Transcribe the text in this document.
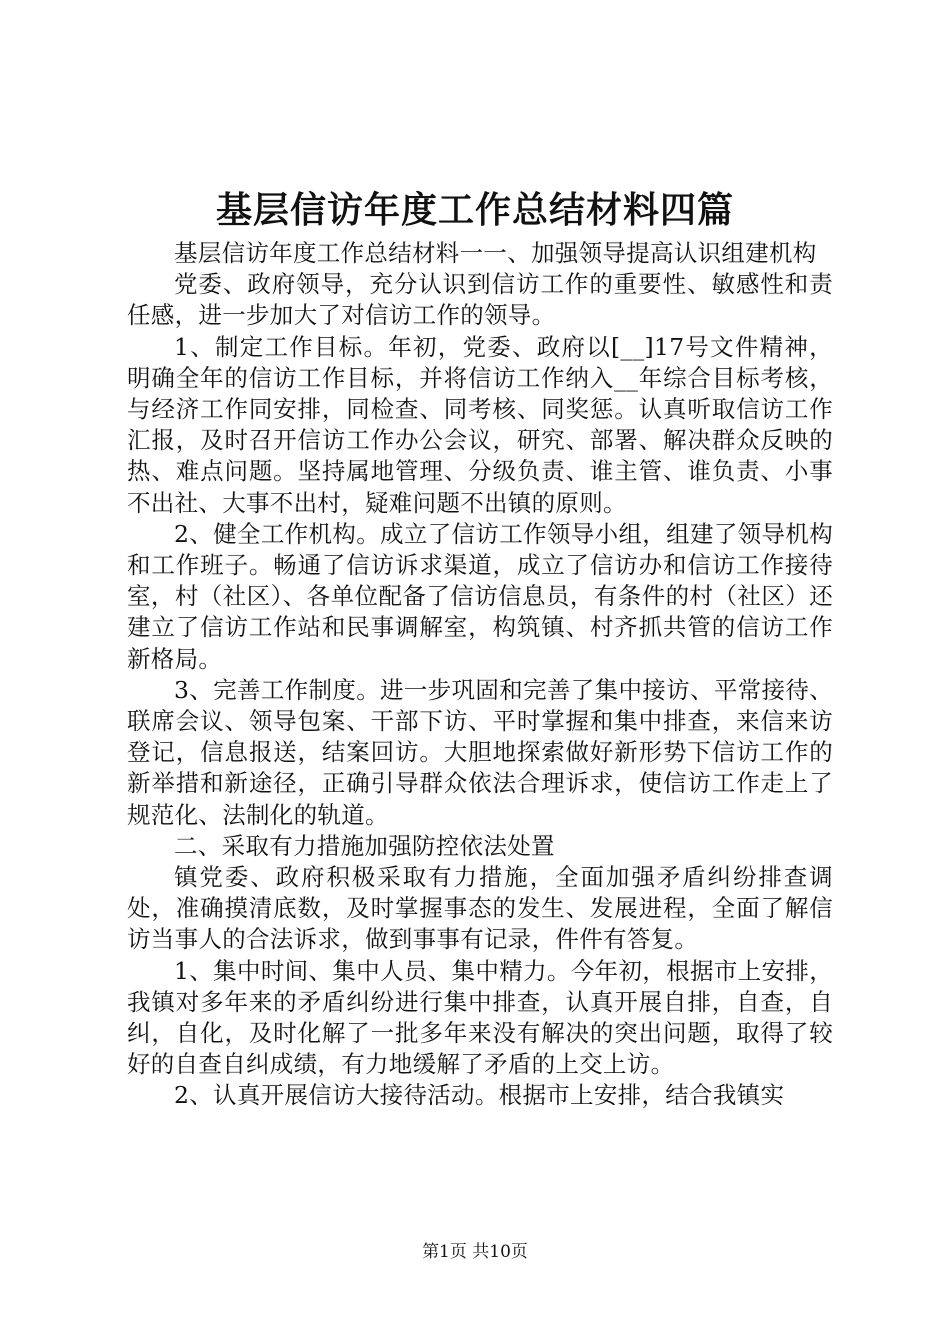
基层信访年度工作总结材料四篇

基层信访年度工作总结材料一一、加强领导提高认识组建机构

党委、政府领导，充分认识到信访工作的重要性、敏感性和责任感，进一步加大了对信访工作的领导。

1、制定工作目标。年初，党委、政府以[__]17号文件精神，明确全年的信访工作目标，并将信访工作纳入__年综合目标考核，与经济工作同安排，同检查、同考核、同奖惩。认真听取信访工作汇报，及时召开信访工作办公会议，研究、部署、解决群众反映的热、难点问题。坚持属地管理、分级负责、谁主管、谁负责、小事不出社、大事不出村，疑难问题不出镇的原则。

2、健全工作机构。成立了信访工作领导小组，组建了领导机构和工作班子。畅通了信访诉求渠道，成立了信访办和信访工作接待室，村（社区）、各单位配备了信访信息员，有条件的村（社区）还建立了信访工作站和民事调解室，构筑镇、村齐抓共管的信访工作新格局。

3、完善工作制度。进一步巩固和完善了集中接访、平常接待、联席会议、领导包案、干部下访、平时掌握和集中排查，来信来访登记，信息报送，结案回访。大胆地探索做好新形势下信访工作的新举措和新途径，正确引导群众依法合理诉求，使信访工作走上了规范化、法制化的轨道。

二、采取有力措施加强防控依法处置

镇党委、政府积极采取有力措施，全面加强矛盾纠纷排查调处，准确摸清底数，及时掌握事态的发生、发展进程，全面了解信访当事人的合法诉求，做到事事有记录，件件有答复。

1、集中时间、集中人员、集中精力。今年初，根据市上安排，我镇对多年来的矛盾纠纷进行集中排查，认真开展自排，自查，自纠，自化，及时化解了一批多年来没有解决的突出问题，取得了较好的自查自纠成绩，有力地缓解了矛盾的上交上访。

2、认真开展信访大接待活动。根据市上安排，结合我镇实

第1页 共10页
